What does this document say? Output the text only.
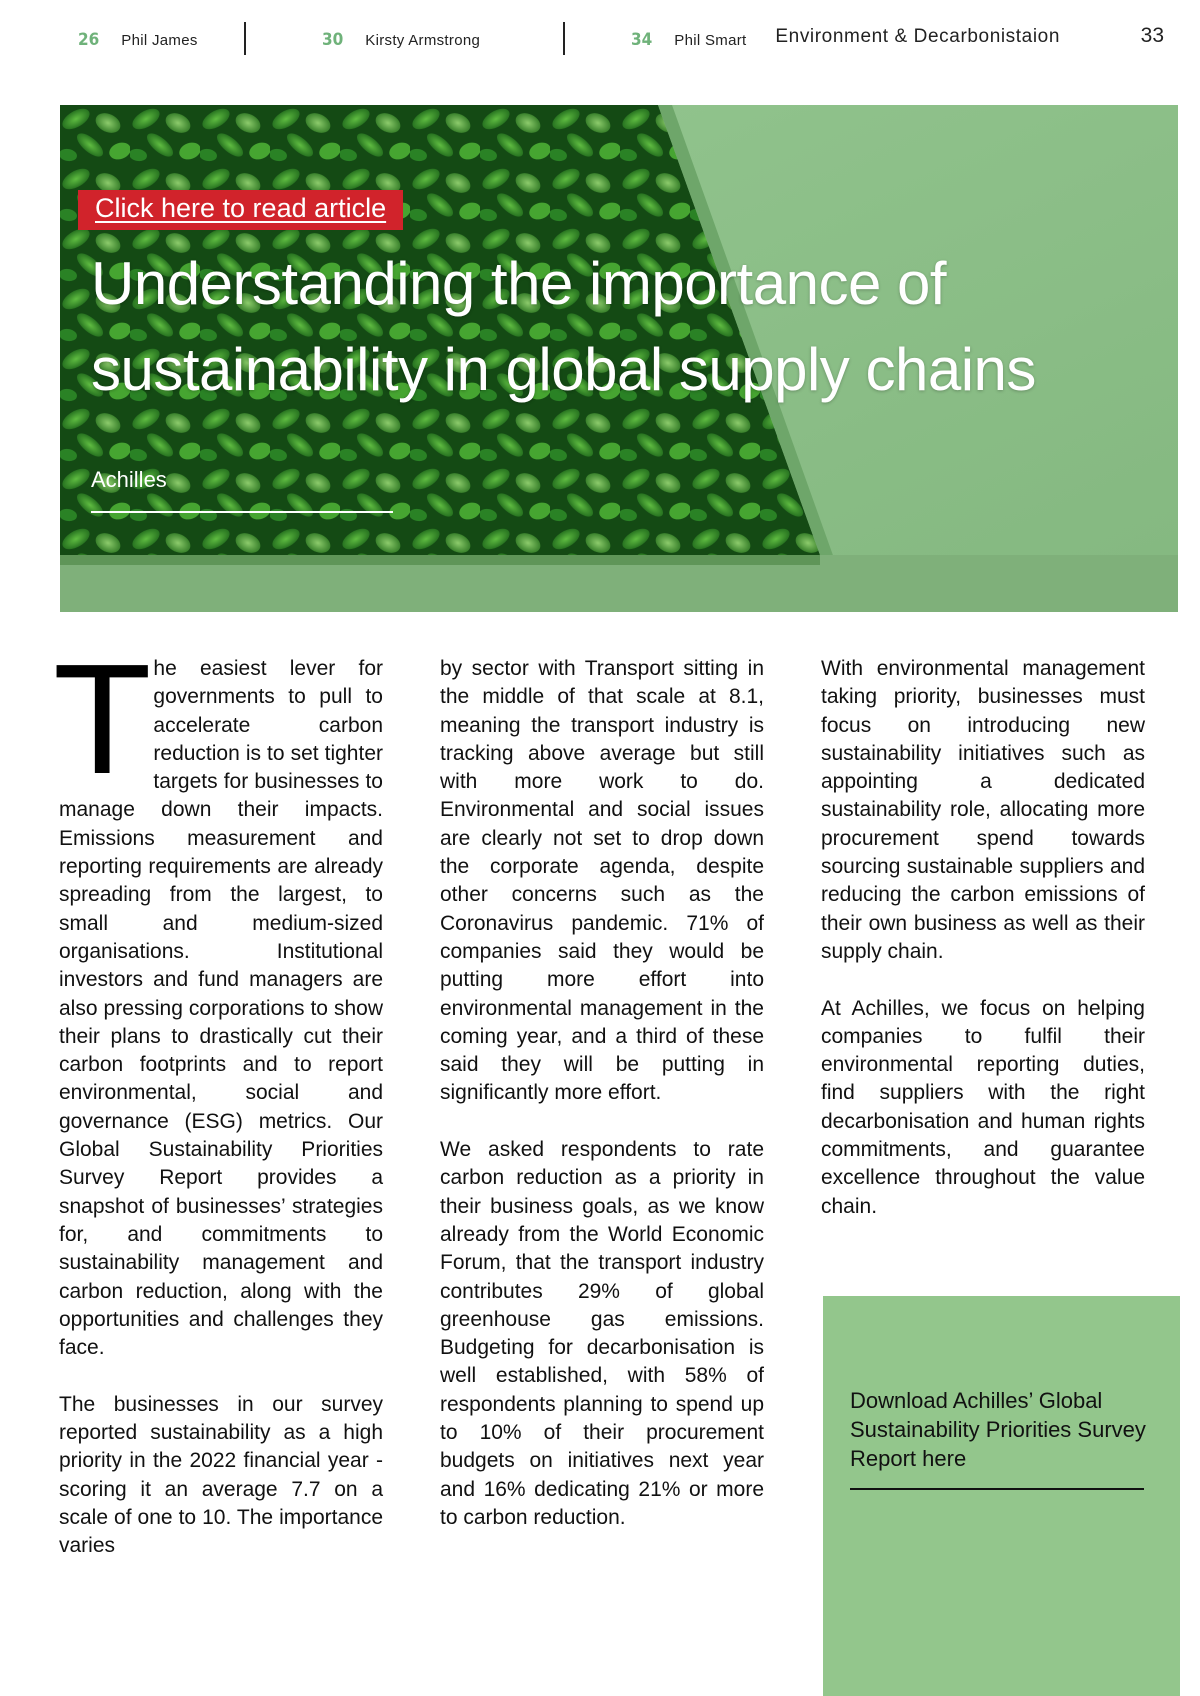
26 Phil James	30 Kirsty Armstrong	34 Phil Smart Environment & Decarbonistaion	33
Click here to read article
Understanding the importance of sustainability in global supply chains
Achilles

The easiest lever for governments to pull to accelerate carbon reduction is to set tighter targets for businesses to manage down their impacts. Emissions measurement and reporting requirements are already spreading from the largest, to small and medium-sized organisations. Institutional investors and fund managers are also pressing corporations to show their plans to drastically cut their carbon footprints and to report environmental, social and governance (ESG) metrics. Our Global Sustainability Priorities Survey Report provides a snapshot of businesses’ strategies for, and commitments to sustainability management and carbon reduction, along with the opportunities and challenges they face.

The businesses in our survey reported sustainability as a high priority in the 2022 financial year - scoring it an average 7.7 on a scale of one to 10. The importance varies

by sector with Transport sitting in the middle of that scale at 8.1, meaning the transport industry is tracking above average but still with more work to do. Environmental and social issues are clearly not set to drop down the corporate agenda, despite other concerns such as the Coronavirus pandemic. 71% of companies said they would be putting more effort into environmental management in the coming year, and a third of these said they will be putting in significantly more effort.

We asked respondents to rate carbon reduction as a priority in their business goals, as we know already from the World Economic Forum, that the transport industry contributes 29% of global greenhouse gas emissions. Budgeting for decarbonisation is well established, with 58% of respondents planning to spend up to 10% of their procurement budgets on initiatives next year and 16% dedicating 21% or more to carbon reduction.

With environmental management taking priority, businesses must focus on introducing new sustainability initiatives such as appointing a dedicated sustainability role, allocating more procurement spend towards sourcing sustainable suppliers and reducing the carbon emissions of their own business as well as their supply chain.

At Achilles, we focus on helping companies to fulfil their environmental reporting duties, find suppliers with the right decarbonisation and human rights commitments, and guarantee excellence throughout the value chain.

Download Achilles’ Global Sustainability Priorities Survey Report here
